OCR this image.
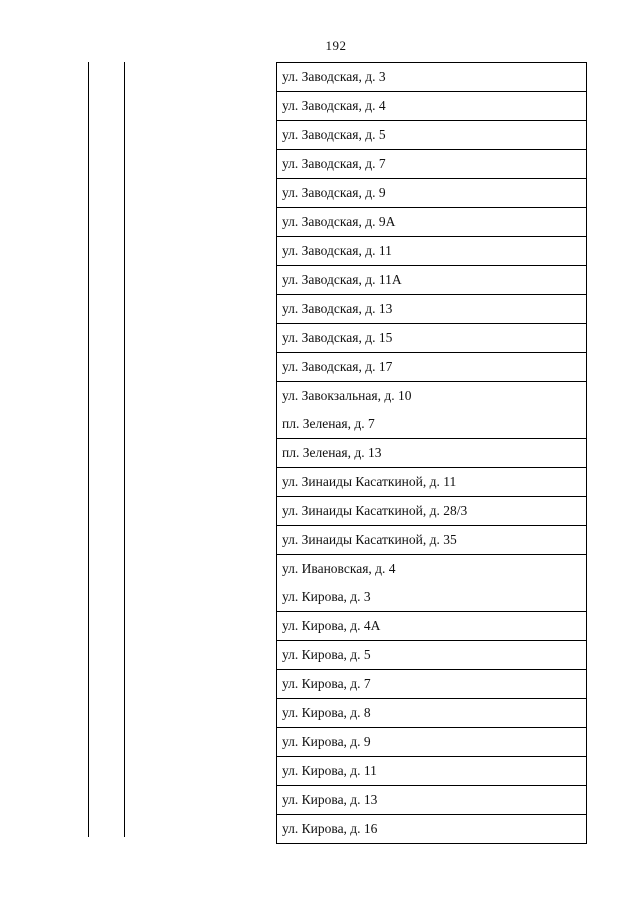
192
ул. Заводская, д. 3
ул. Заводская, д. 4
ул. Заводская, д. 5
ул. Заводская, д. 7
ул. Заводская, д. 9
ул. Заводская, д. 9А
ул. Заводская, д. 11
ул. Заводская, д. 11А
ул. Заводская, д. 13
ул. Заводская, д. 15
ул. Заводская, д. 17
ул. Завокзальная, д. 10
пл. Зеленая, д. 7
пл. Зеленая, д. 13
ул. Зинаиды Касаткиной, д. 11
ул. Зинаиды Касаткиной, д. 28/3
ул. Зинаиды Касаткиной, д. 35
ул. Ивановская, д. 4
ул. Кирова, д. 3
ул. Кирова, д. 4А
ул. Кирова, д. 5
ул. Кирова, д. 7
ул. Кирова, д. 8
ул. Кирова, д. 9
ул. Кирова, д. 11
ул. Кирова, д. 13
ул. Кирова, д. 16
